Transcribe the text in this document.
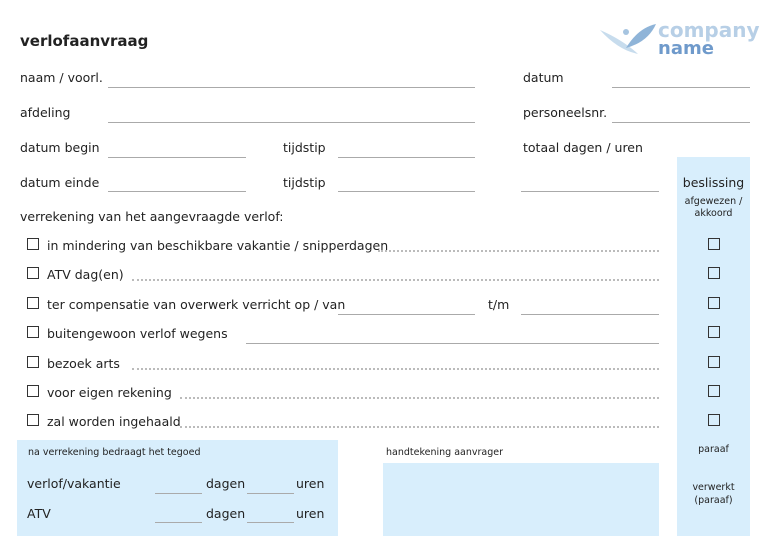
verlofaanvraag	company
name
naam / voorl.	datum
afdeling	personeelsnr.
datum begin	tijdstip	totaal dagen / uren
datum einde	tijdstip
verrekening van het aangevraagde verlof:
beslissing
afgewezen / akkoord
paraaf
verwerkt (paraaf)
in mindering van beschikbare vakantie / snipperdagen
ATV dag(en)
ter compensatie van overwerk verricht op / van	t/m
buitengewoon verlof wegens
bezoek arts
voor eigen rekening
zal worden ingehaald
na verrekening bedraagt het tegoed
verlof/vakantie	dagen	uren
ATV	dagen	uren
handtekening aanvrager
